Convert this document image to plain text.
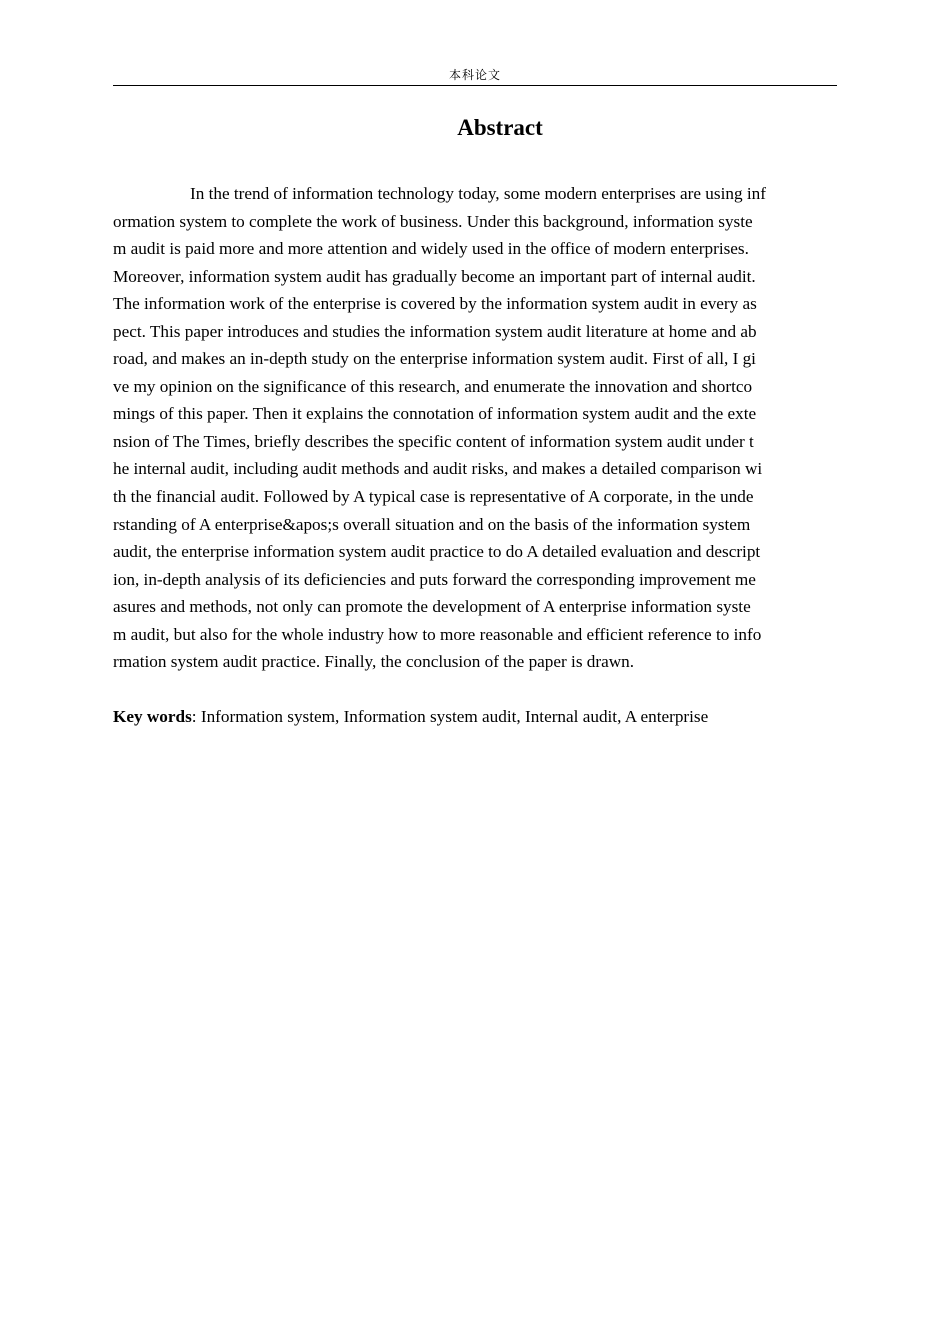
本科论文
Abstract
In the trend of information technology today, some modern enterprises are using inf
ormation system to complete the work of business. Under this background, information syste
m audit is paid more and more attention and widely used in the office of modern enterprises.
Moreover, information system audit has gradually become an important part of internal audit.
The information work of the enterprise is covered by the information system audit in every as
pect. This paper introduces and studies the information system audit literature at home and ab
road, and makes an in-depth study on the enterprise information system audit. First of all, I gi
ve my opinion on the significance of this research, and enumerate the innovation and shortco
mings of this paper. Then it explains the connotation of information system audit and the exte
nsion of The Times, briefly describes the specific content of information system audit under t
he internal audit, including audit methods and audit risks, and makes a detailed comparison wi
th the financial audit. Followed by A typical case is representative of A corporate, in the unde
rstanding of A enterprise&apos;s overall situation and on the basis of the information system
audit, the enterprise information system audit practice to do A detailed evaluation and descript
ion, in-depth analysis of its deficiencies and puts forward the corresponding improvement me
asures and methods, not only can promote the development of A enterprise information syste
m audit, but also for the whole industry how to more reasonable and efficient reference to info
rmation system audit practice. Finally, the conclusion of the paper is drawn.
Key words: Information system, Information system audit, Internal audit, A enterprise
